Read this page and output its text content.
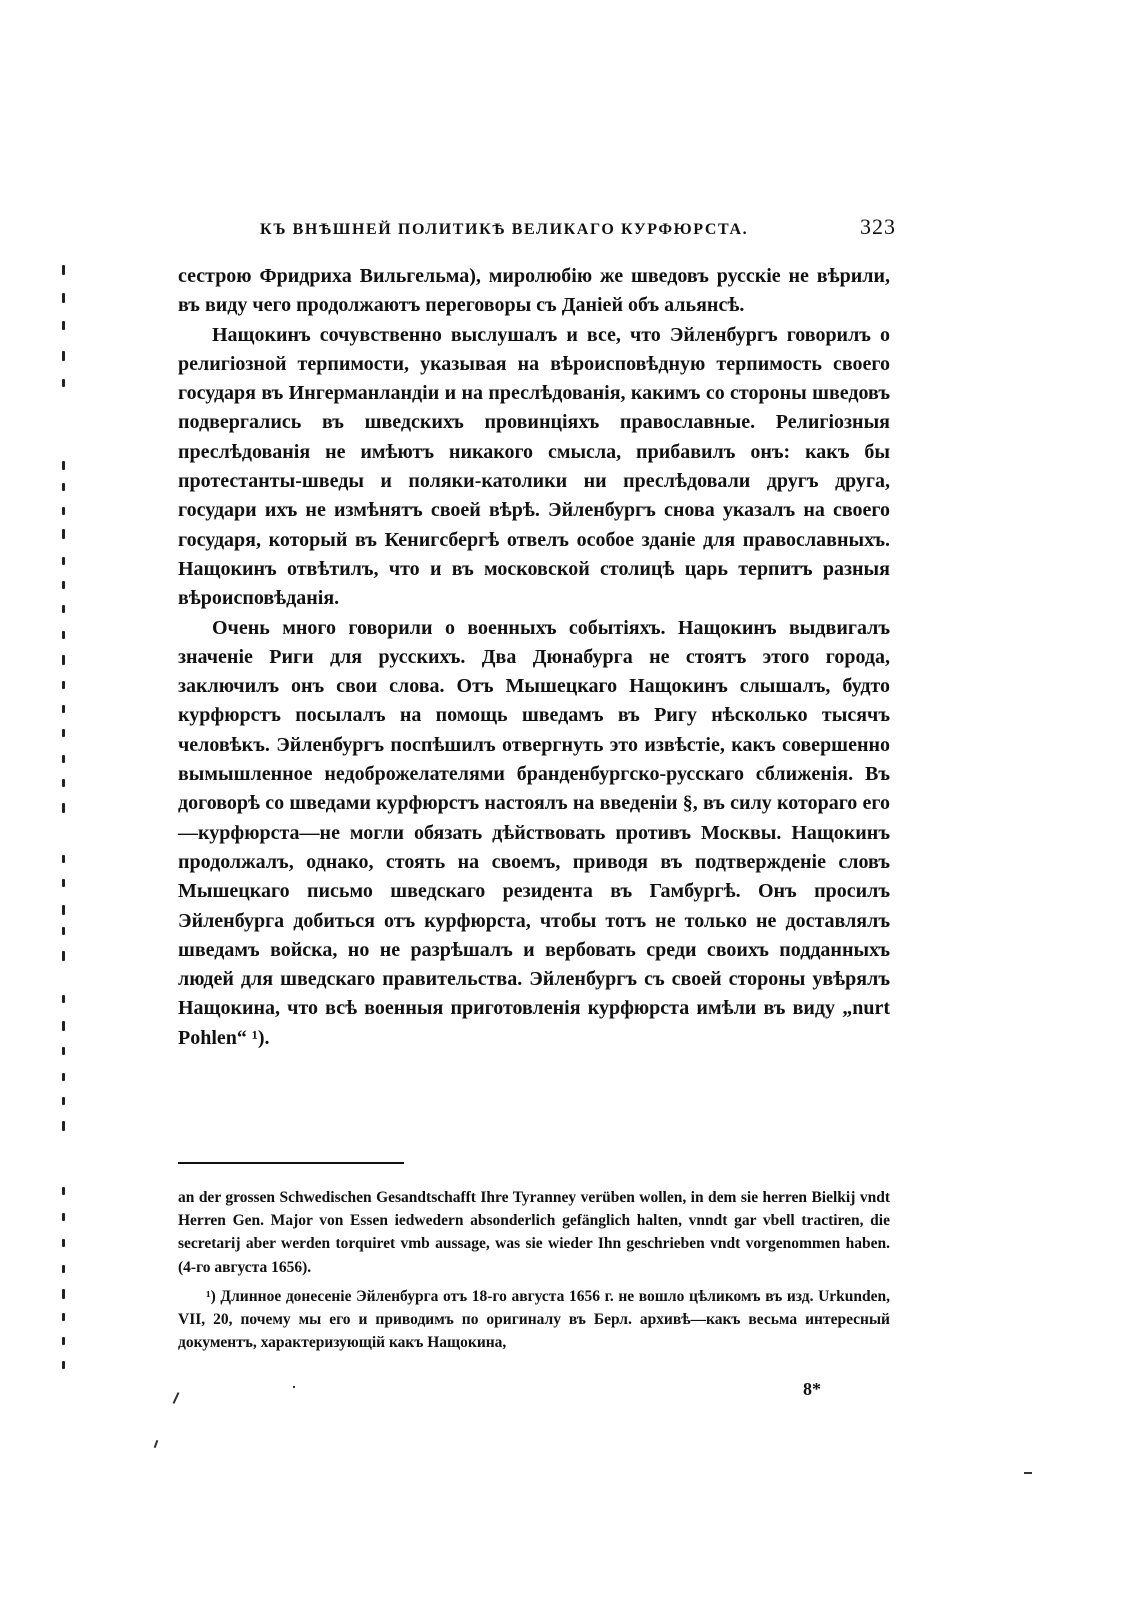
КЪ ВНѢШНЕЙ ПОЛИТИКѢ ВЕЛИКАГО КУРФЮРСТА.	323

сестрою Фридриха Вильгельма), миролюбію же шведовъ русскіе не вѣрили, въ виду чего продолжаютъ переговоры съ Даніей объ альянсѣ.

Нащокинъ сочувственно выслушалъ и все, что Эйленбургъ говорилъ о религіозной терпимости, указывая на вѣроисповѣдную терпимость своего государя въ Ингерманландіи и на преслѣдованія, какимъ со стороны шведовъ подвергались въ шведскихъ провинціяхъ православные. Религіозныя преслѣдованія не имѣютъ никакого смысла, прибавилъ онъ: какъ бы протестанты-шведы и поляки-католики ни преслѣдовали другъ друга, государи ихъ не измѣнятъ своей вѣрѣ. Эйленбургъ снова указалъ на своего государя, который въ Кенигсбергѣ отвелъ особое зданіе для православныхъ. Нащокинъ отвѣтилъ, что и въ московской столицѣ царь терпитъ разныя вѣроисповѣданія.

Очень много говорили о военныхъ событіяхъ. Нащокинъ выдвигалъ значеніе Риги для русскихъ. Два Дюнабурга не стоятъ этого города, заключилъ онъ свои слова. Отъ Мышецкаго Нащокинъ слышалъ, будто курфюрстъ посылалъ на помощь шведамъ въ Ригу нѣсколько тысячъ человѣкъ. Эйленбургъ поспѣшилъ отвергнуть это извѣстіе, какъ совершенно вымышленное недоброжелателями бранденбургско-русскаго сближенія. Въ договорѣ со шведами курфюрстъ настоялъ на введеніи §, въ силу котораго его—курфюрста—не могли обязать дѣйствовать противъ Москвы. Нащокинъ продолжалъ, однако, стоять на своемъ, приводя въ подтвержденіе словъ Мышецкаго письмо шведскаго резидента въ Гамбургѣ. Онъ просилъ Эйленбурга добиться отъ курфюрста, чтобы тотъ не только не доставлялъ шведамъ войска, но не разрѣшалъ и вербовать среди своихъ подданныхъ людей для шведскаго правительства. Эйленбургъ съ своей стороны увѣрялъ Нащокина, что всѣ военныя приготовленія курфюрста имѣли въ виду „nurt Pohlen“ ¹).

an der grossen Schwedischen Gesandtschafft Ihre Tyranney verüben wollen, in dem sie herren Bielkij vndt Herren Gen. Major von Essen iedwedern absonderlich gefänglich halten, vnndt gar vbell tractiren, die secretarij aber werden torquiret vmb aussage, was sie wieder Ihn geschrieben vndt vorgenommen haben. (4-го августа 1656).

¹) Длинное донесеніе Эйленбурга отъ 18-го августа 1656 г. не вошло цѣликомъ въ изд. Urkunden, VII, 20, почему мы его и приводимъ по оригиналу въ Берл. архивѣ—какъ весьма интересный документъ, характеризующій какъ Нащокина,

8*
